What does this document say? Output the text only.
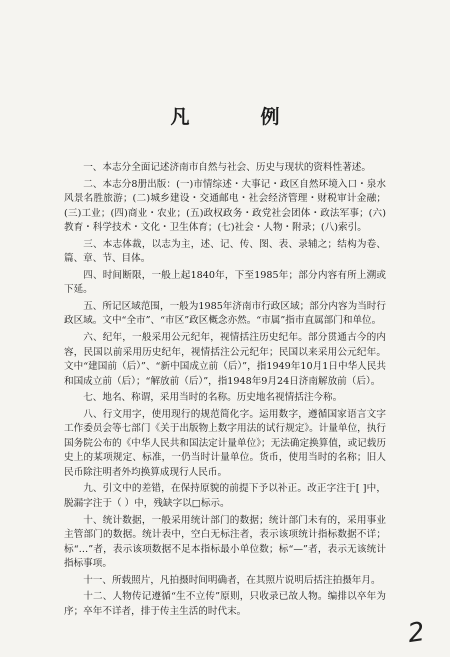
凡　例

一、本志分全面记述济南市自然与社会、历史与现状的资料性著述。

二、本志分8册出版：(一)市情综述・大事记・政区自然环境入口・泉水风景名胜旅游；(二)城乡建设・交通邮电・社会经济管理・财税审计金融；(三)工业；(四)商业・农业；(五)政权政务・政党社会团体・政法军事；(六)教育・科学技术・文化・卫生体育；(七)社会・人物・附录；(八)索引。

三、本志体裁，以志为主，述、记、传、图、表、录辅之；结构为卷、篇、章、节、目体。

四、时间断限，一般上起1840年，下至1985年；部分内容有所上溯或下延。

五、所记区域范围，一般为1985年济南市行政区域；部分内容为当时行政区域。文中“全市”、“市区”政区概念亦然。“市属”指市直属部门和单位。

六、纪年，一般采用公元纪年，视情括注历史纪年。部分贯通古今的内容，民国以前采用历史纪年，视情括注公元纪年；民国以来采用公元纪年。文中“建国前（后）”、“新中国成立前（后）”，指1949年10月1日中华人民共和国成立前（后）；“解放前（后）”，指1948年9月24日济南解放前（后）。

七、地名、称谓，采用当时的名称。历史地名视情括注今称。

八、行文用字，使用现行的规范简化字。运用数字，遵循国家语言文字工作委员会等七部门《关于出版物上数字用法的试行规定》。计量单位，执行国务院公布的《中华人民共和国法定计量单位》；无法确定换算值，或记载历史上的某项规定、标准，一仍当时计量单位。货币，使用当时的名称；旧人民币除注明者外均换算成现行人民币。

九、引文中的差错，在保持原貌的前提下予以补正。改正字注于[ ]中，脱漏字注于（ ）中，残缺字以□标示。

十、统计数据，一般采用统计部门的数据；统计部门未有的，采用事业主管部门的数据。统计表中，空白无标注者，表示该项统计指标数据不详；标“…”者，表示该项数据不足本指标最小单位数；标“—”者，表示无该统计指标事项。

十一、所载照片，凡拍摄时间明确者，在其照片说明后括注拍摄年月。

十二、人物传记遵循“生不立传”原则，只收录已故人物。编排以卒年为序；卒年不详者，排于传主生活的时代末。

2
